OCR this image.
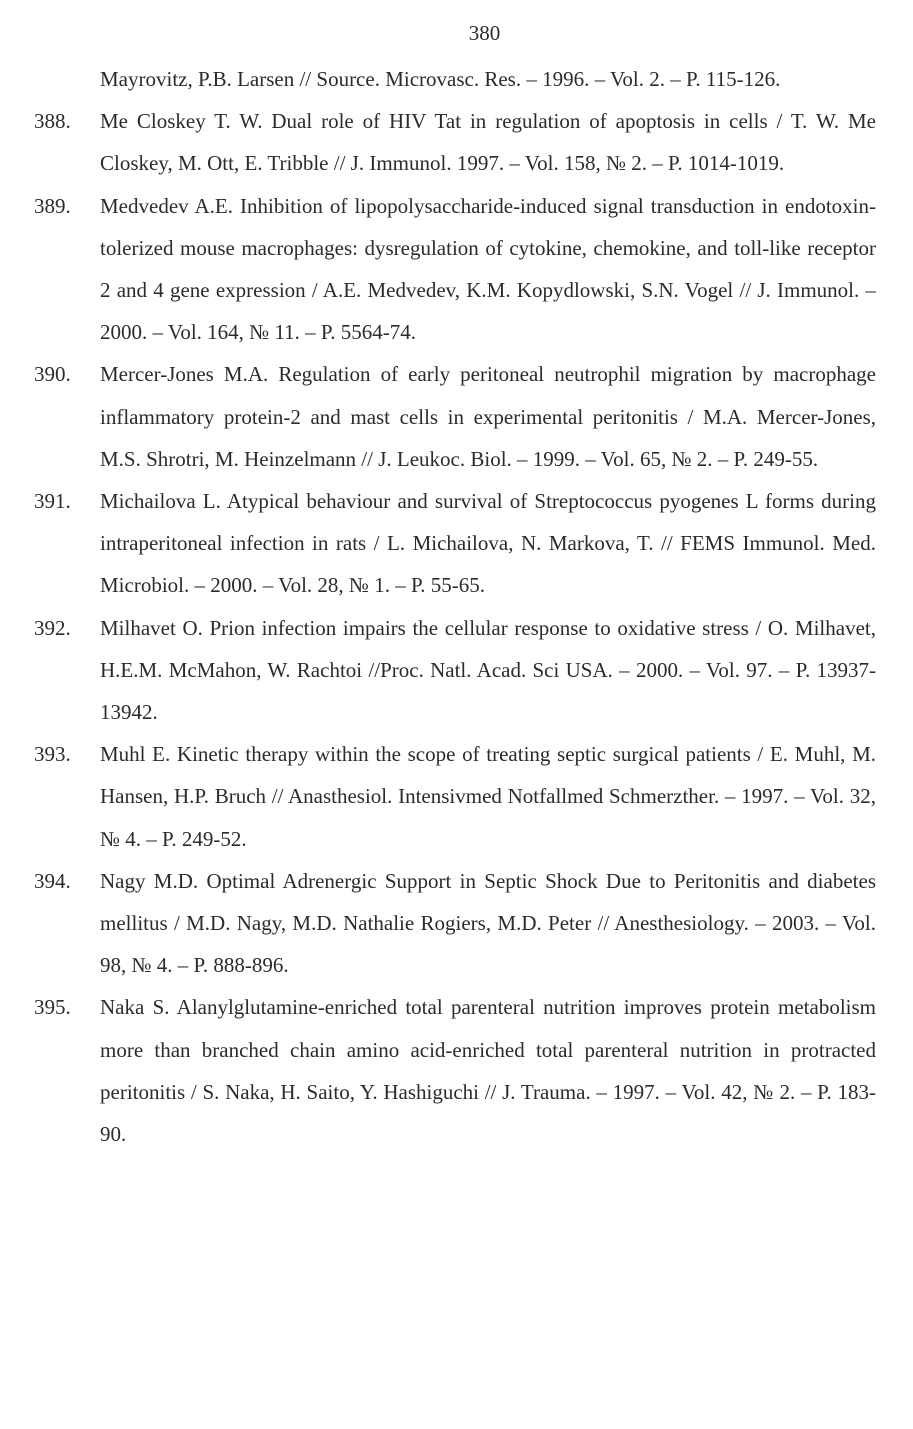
380
Mayrovitz, P.B. Larsen // Source. Microvasc. Res. – 1996. – Vol. 2. – P. 115-126.
388.	Me Closkey T. W. Dual role of HIV Tat in regulation of apoptosis in cells / T. W. Me Closkey, M. Ott, E. Tribble // J. Immunol. 1997. – Vol. 158, № 2. – P. 1014-1019.
389.	Medvedev A.E. Inhibition of lipopolysaccharide-induced signal transduction in endotoxin-tolerized mouse macrophages: dysregulation of cytokine, chemokine, and toll-like receptor 2 and 4 gene expression / A.E. Medvedev, K.M. Kopydlowski, S.N. Vogel // J. Immunol. – 2000. – Vol. 164, № 11. – P. 5564-74.
390.	Mercer-Jones M.A. Regulation of early peritoneal neutrophil migration by macrophage inflammatory protein-2 and mast cells in experimental peritonitis / M.A. Mercer-Jones, M.S. Shrotri, M. Heinzelmann // J. Leukoc. Biol. – 1999. – Vol. 65, № 2. – P. 249-55.
391.	Michailova L. Atypical behaviour and survival of Streptococcus pyogenes L forms during intraperitoneal infection in rats / L. Michailova, N. Markova, T. // FEMS Immunol. Med. Microbiol. – 2000. – Vol. 28, № 1. – P. 55-65.
392.	Milhavet O. Prion infection impairs the cellular response to oxidative stress / O. Milhavet, H.E.M. McMahon, W. Rachtoi //Proc. Natl. Acad. Sci USA. – 2000. – Vol. 97. – P. 13937-13942.
393.	Muhl E. Kinetic therapy within the scope of treating septic surgical patients / E. Muhl, M. Hansen, H.P. Bruch // Anasthesiol. Intensivmed Notfallmed Schmerzther. – 1997. – Vol. 32, № 4. – P. 249-52.
394.	Nagy M.D. Optimal Adrenergic Support in Septic Shock Due to Peritonitis and diabetes mellitus / M.D. Nagy, M.D. Nathalie Rogiers, M.D. Peter // Anesthesiology. – 2003. – Vol. 98, № 4. – P. 888-896.
395.	Naka S. Alanylglutamine-enriched total parenteral nutrition improves protein metabolism more than branched chain amino acid-enriched total parenteral nutrition in protracted peritonitis / S. Naka, H. Saito, Y. Hashiguchi // J. Trauma. – 1997. – Vol. 42, № 2. – P. 183-90.
